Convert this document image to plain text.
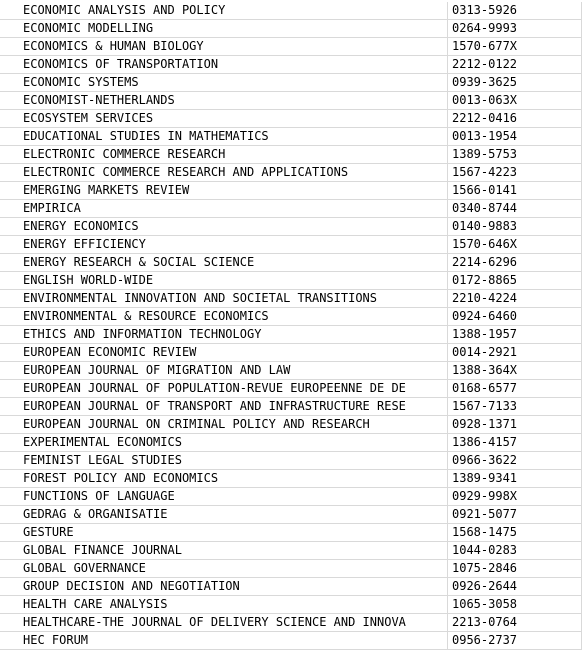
ECONOMIC ANALYSIS AND POLICY	0313-5926
ECONOMIC MODELLING	0264-9993
ECONOMICS & HUMAN BIOLOGY	1570-677X
ECONOMICS OF TRANSPORTATION	2212-0122
ECONOMIC SYSTEMS	0939-3625
ECONOMIST-NETHERLANDS	0013-063X
ECOSYSTEM SERVICES	2212-0416
EDUCATIONAL STUDIES IN MATHEMATICS	0013-1954
ELECTRONIC COMMERCE RESEARCH	1389-5753
ELECTRONIC COMMERCE RESEARCH AND APPLICATIONS	1567-4223
EMERGING MARKETS REVIEW	1566-0141
EMPIRICA	0340-8744
ENERGY ECONOMICS	0140-9883
ENERGY EFFICIENCY	1570-646X
ENERGY RESEARCH & SOCIAL SCIENCE	2214-6296
ENGLISH WORLD-WIDE	0172-8865
ENVIRONMENTAL INNOVATION AND SOCIETAL TRANSITIONS	2210-4224
ENVIRONMENTAL & RESOURCE ECONOMICS	0924-6460
ETHICS AND INFORMATION TECHNOLOGY	1388-1957
EUROPEAN ECONOMIC REVIEW	0014-2921
EUROPEAN JOURNAL OF MIGRATION AND LAW	1388-364X
EUROPEAN JOURNAL OF POPULATION-REVUE EUROPEENNE DE DE	0168-6577
EUROPEAN JOURNAL OF TRANSPORT AND INFRASTRUCTURE RESE	1567-7133
EUROPEAN JOURNAL ON CRIMINAL POLICY AND RESEARCH	0928-1371
EXPERIMENTAL ECONOMICS	1386-4157
FEMINIST LEGAL STUDIES	0966-3622
FOREST POLICY AND ECONOMICS	1389-9341
FUNCTIONS OF LANGUAGE	0929-998X
GEDRAG & ORGANISATIE	0921-5077
GESTURE	1568-1475
GLOBAL FINANCE JOURNAL	1044-0283
GLOBAL GOVERNANCE	1075-2846
GROUP DECISION AND NEGOTIATION	0926-2644
HEALTH CARE ANALYSIS	1065-3058
HEALTHCARE-THE JOURNAL OF DELIVERY SCIENCE AND INNOVA	2213-0764
HEC FORUM	0956-2737
